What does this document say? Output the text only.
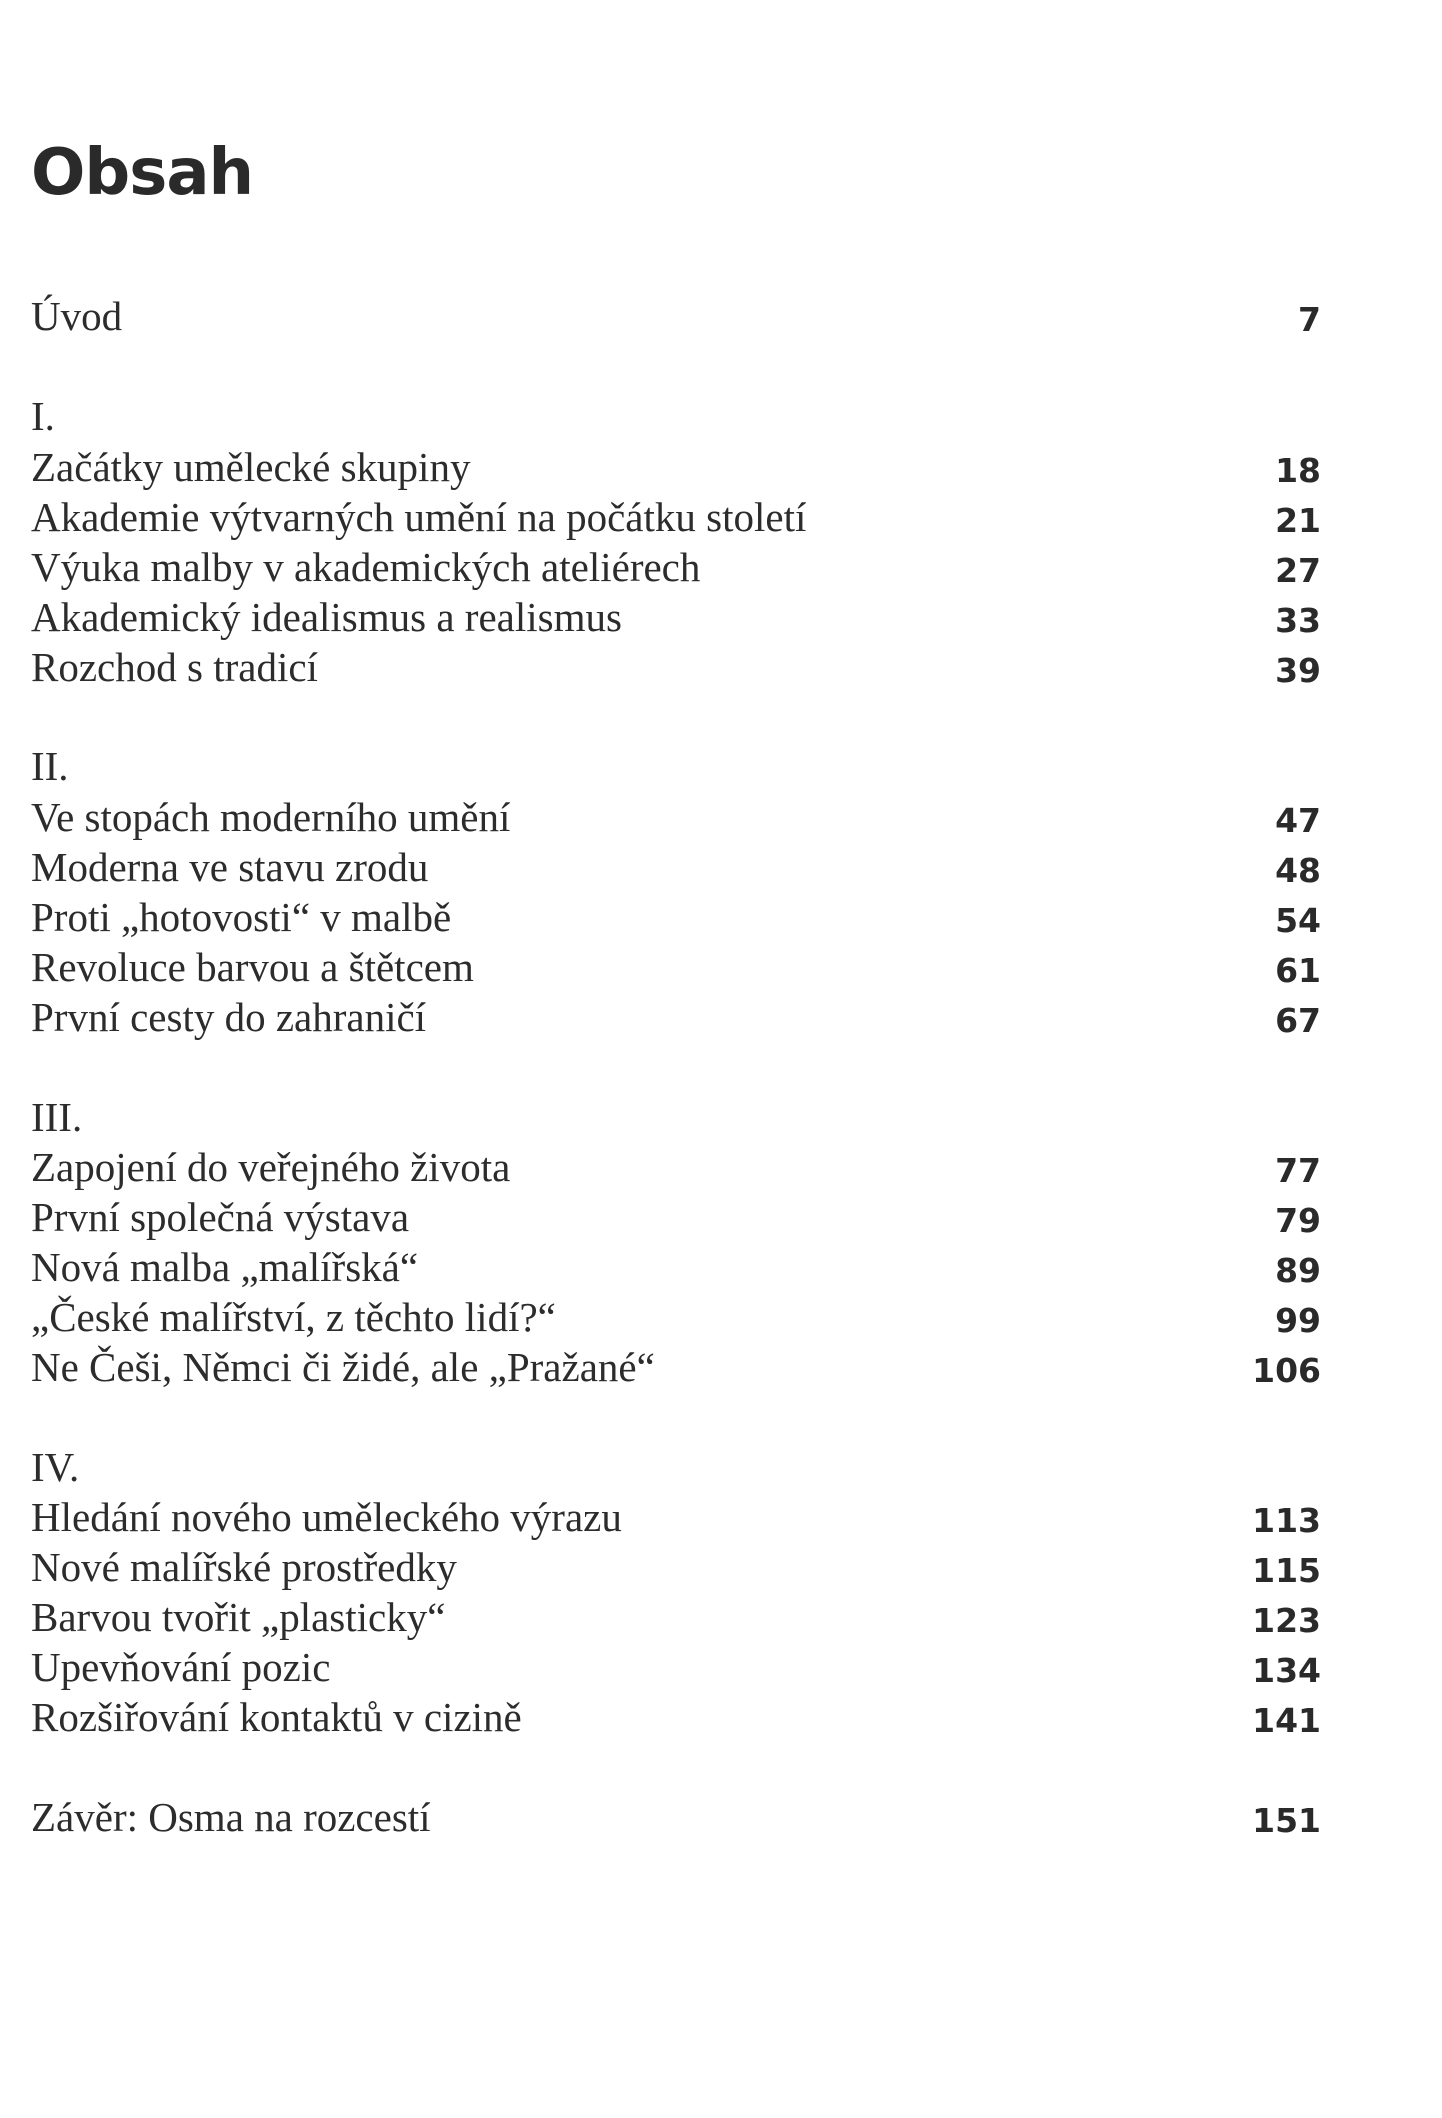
Obsah
Úvod	7
I.
Začátky umělecké skupiny	18
Akademie výtvarných umění na počátku století	21
Výuka malby v akademických ateliérech	27
Akademický idealismus a realismus	33
Rozchod s tradicí	39
II.
Ve stopách moderního umění	47
Moderna ve stavu zrodu	48
Proti „hotovosti“ v malbě	54
Revoluce barvou a štětcem	61
První cesty do zahraničí	67
III.
Zapojení do veřejného života	77
První společná výstava	79
Nová malba „malířská“	89
„České malířství, z těchto lidí?“	99
Ne Češi, Němci či židé, ale „Pražané“	106
IV.
Hledání nového uměleckého výrazu	113
Nové malířské prostředky	115
Barvou tvořit „plasticky“	123
Upevňování pozic	134
Rozšiřování kontaktů v cizině	141
Závěr: Osma na rozcestí	151
